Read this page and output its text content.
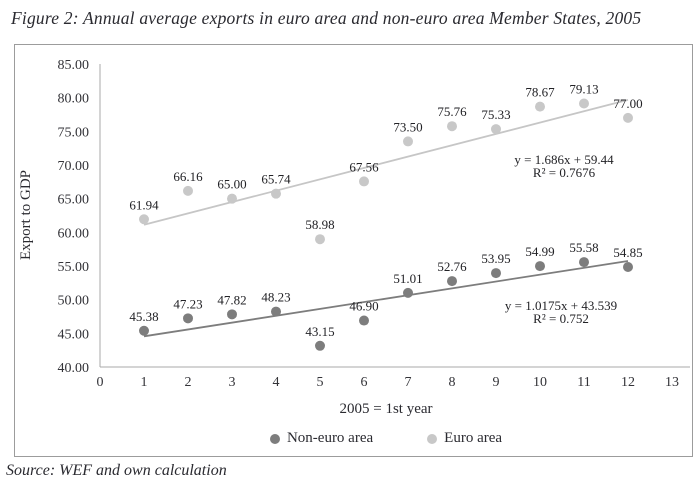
Figure 2: Annual average exports in euro area and non-euro area Member States, 2005
40.00
45.00
50.00
55.00
60.00
65.00
70.00
75.00
80.00
85.00
0	1	2	3	4	5	6	7	8	9 10 11 12 13
45.38
47.23 47.82 48.23
43.15
46.90
51.01
52.76
53.95 54.99 55.58 54.85
y = 1.0175x + 43.539
R² = 0.752
61.94
66.16
65.00 65.74
58.98
67.56
73.50
75.76 75.33
78.67 79.13
77.00
y = 1.686x + 59.44
R² = 0.7676
Export to GDP
2005 = 1st year
Non-euro area	Euro area
Source: WEF and own calculation
